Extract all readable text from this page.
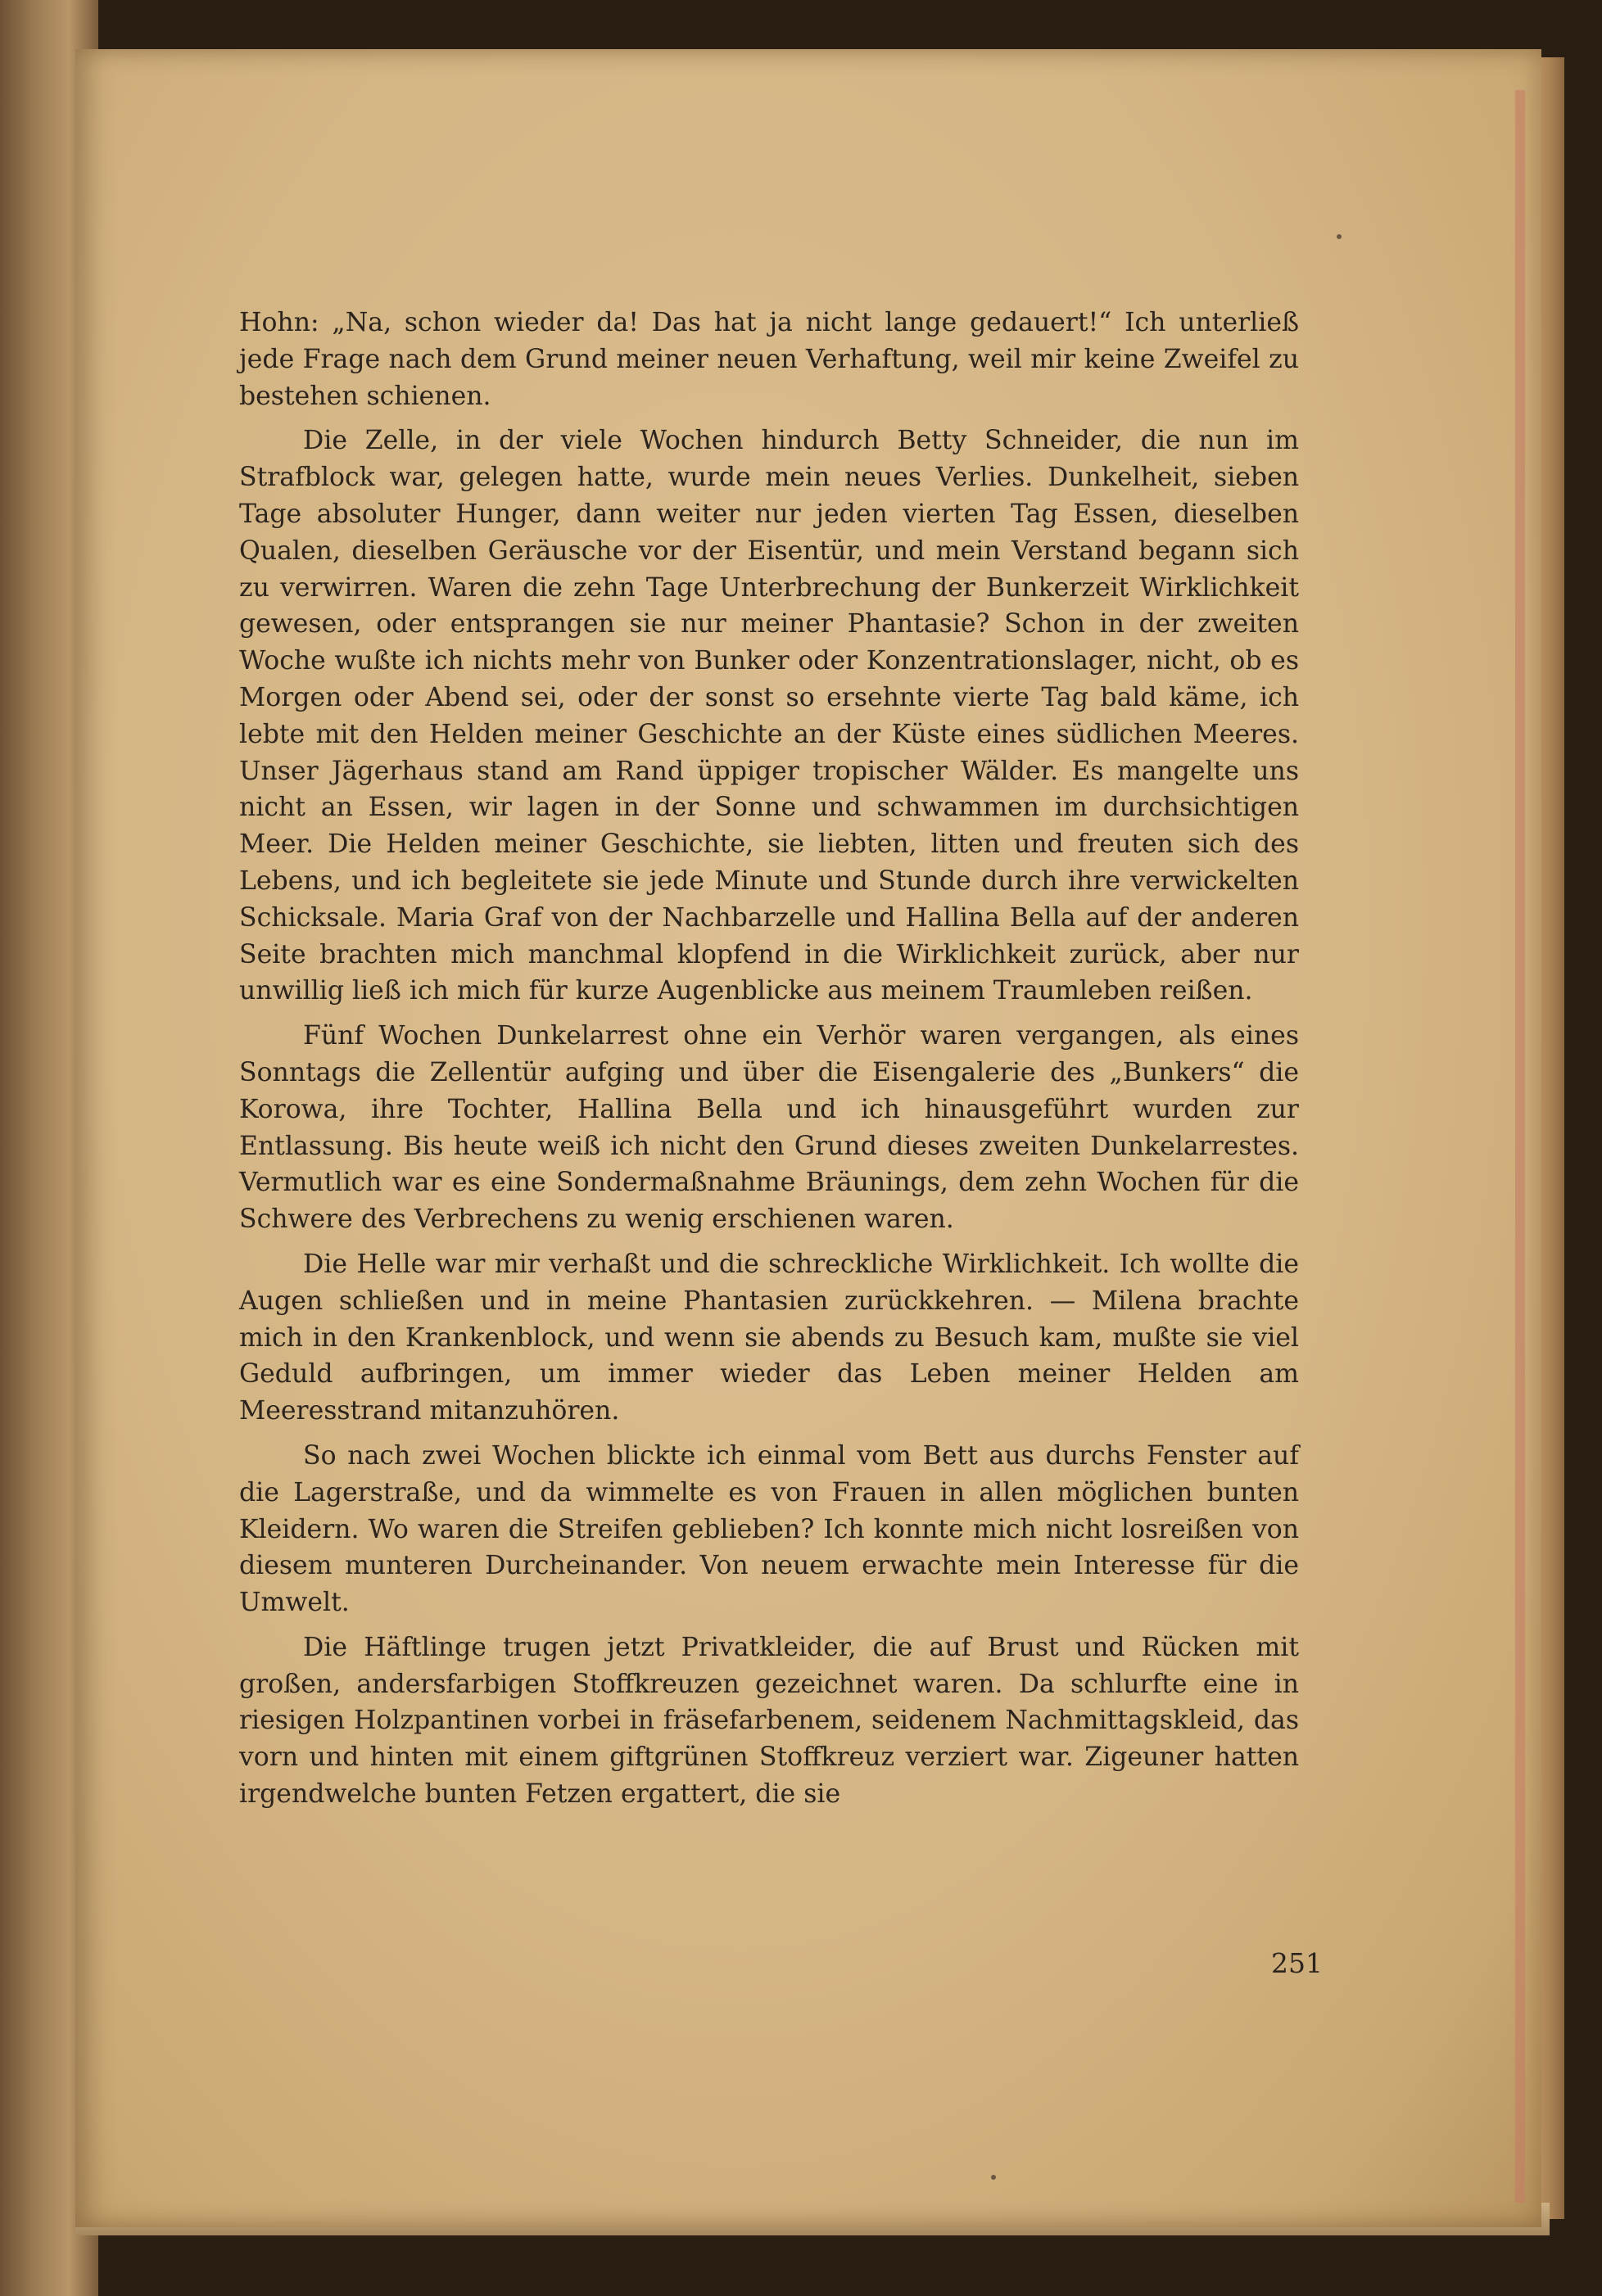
Hohn: „Na, schon wieder da! Das hat ja nicht lange gedauert!“ Ich unterließ jede Frage nach dem Grund meiner neuen Verhaftung, weil mir keine Zweifel zu bestehen schienen.

Die Zelle, in der viele Wochen hindurch Betty Schneider, die nun im Strafblock war, gelegen hatte, wurde mein neues Verlies. Dunkelheit, sieben Tage absoluter Hunger, dann weiter nur jeden vierten Tag Essen, dieselben Qualen, dieselben Geräusche vor der Eisentür, und mein Verstand begann sich zu verwirren. Waren die zehn Tage Unterbrechung der Bunkerzeit Wirklichkeit gewesen, oder entsprangen sie nur meiner Phantasie? Schon in der zweiten Woche wußte ich nichts mehr von Bunker oder Konzentrationslager, nicht, ob es Morgen oder Abend sei, oder der sonst so ersehnte vierte Tag bald käme, ich lebte mit den Helden meiner Geschichte an der Küste eines südlichen Meeres. Unser Jägerhaus stand am Rand üppiger tropischer Wälder. Es mangelte uns nicht an Essen, wir lagen in der Sonne und schwammen im durchsichtigen Meer. Die Helden meiner Geschichte, sie liebten, litten und freuten sich des Lebens, und ich begleitete sie jede Minute und Stunde durch ihre verwickelten Schicksale. Maria Graf von der Nachbarzelle und Hallina Bella auf der anderen Seite brachten mich manchmal klopfend in die Wirklichkeit zurück, aber nur unwillig ließ ich mich für kurze Augenblicke aus meinem Traumleben reißen.

Fünf Wochen Dunkelarrest ohne ein Verhör waren vergangen, als eines Sonntags die Zellentür aufging und über die Eisengalerie des „Bunkers“ die Korowa, ihre Tochter, Hallina Bella und ich hinausgeführt wurden zur Entlassung. Bis heute weiß ich nicht den Grund dieses zweiten Dunkelarrestes. Vermutlich war es eine Sondermaßnahme Bräunings, dem zehn Wochen für die Schwere des Verbrechens zu wenig erschienen waren.

Die Helle war mir verhaßt und die schreckliche Wirklichkeit. Ich wollte die Augen schließen und in meine Phantasien zurückkehren. — Milena brachte mich in den Krankenblock, und wenn sie abends zu Besuch kam, mußte sie viel Geduld aufbringen, um immer wieder das Leben meiner Helden am Meeresstrand mitanzuhören.

So nach zwei Wochen blickte ich einmal vom Bett aus durchs Fenster auf die Lagerstraße, und da wimmelte es von Frauen in allen möglichen bunten Kleidern. Wo waren die Streifen geblieben? Ich konnte mich nicht losreißen von diesem munteren Durcheinander. Von neuem erwachte mein Interesse für die Umwelt.

Die Häftlinge trugen jetzt Privatkleider, die auf Brust und Rücken mit großen, andersfarbigen Stoffkreuzen gezeichnet waren. Da schlurfte eine in riesigen Holzpantinen vorbei in fräsefarbenem, seidenem Nachmittagskleid, das vorn und hinten mit einem giftgrünen Stoffkreuz verziert war. Zigeuner hatten irgendwelche bunten Fetzen ergattert, die sie

251
